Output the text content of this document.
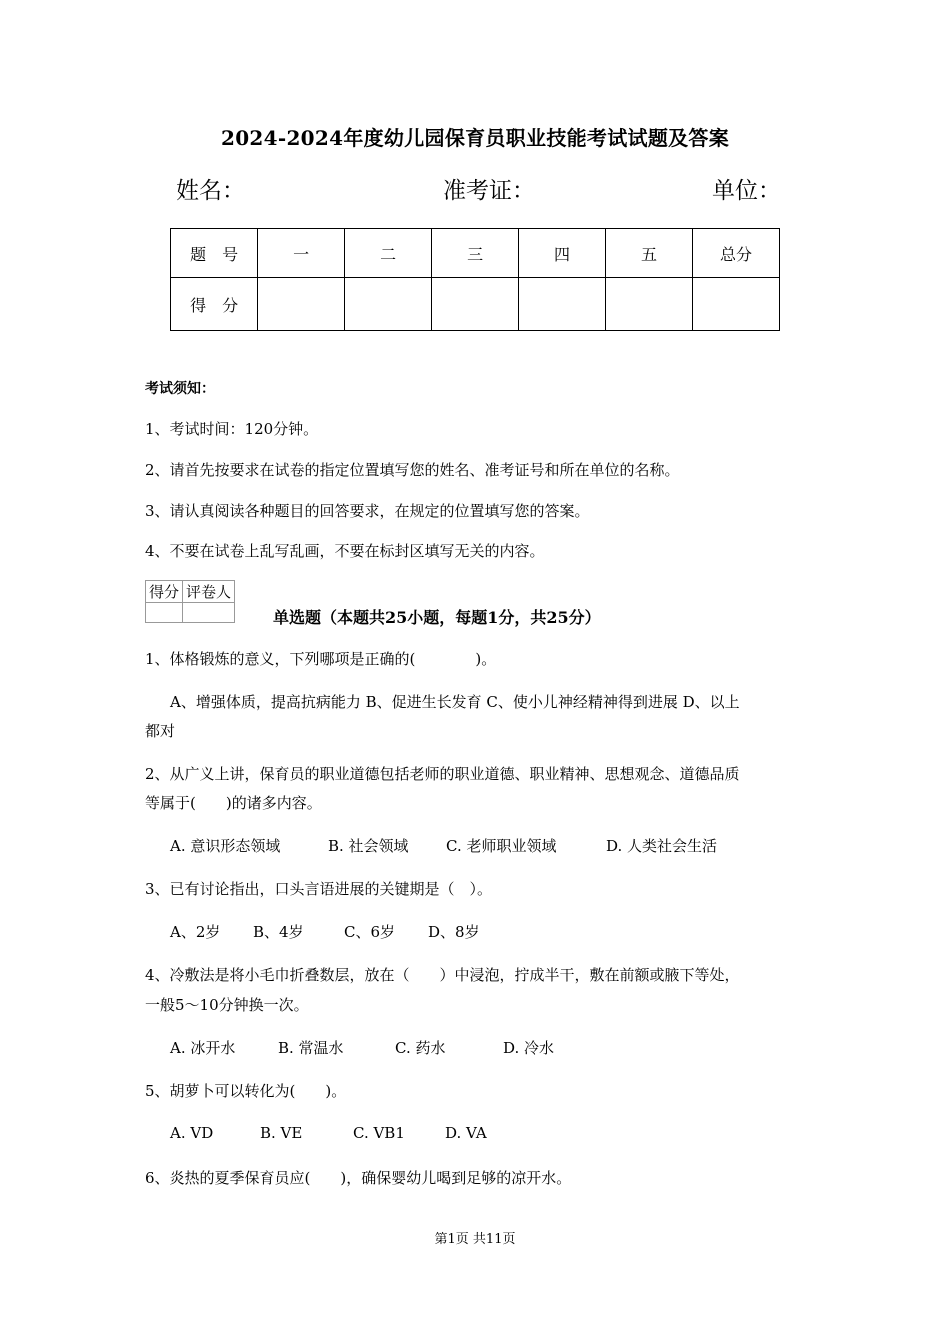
2024-2024年度幼儿园保育员职业技能考试试题及答案
姓名：	准考证：	单位：
题　号	一	二	三	四	五	总分
得　分						
考试须知：
1、考试时间：120分钟。
2、请首先按要求在试卷的指定位置填写您的姓名、准考证号和所在单位的名称。
3、请认真阅读各种题目的回答要求，在规定的位置填写您的答案。
4、不要在试卷上乱写乱画，不要在标封区填写无关的内容。
得分	评卷人

单选题（本题共25小题，每题1分，共25分）
1、体格锻炼的意义，下列哪项是正确的(　　　　)。
A、增强体质，提高抗病能力 B、促进生长发育 C、使小儿神经精神得到进展 D、以上
都对
2、从广义上讲，保育员的职业道德包括老师的职业道德、职业精神、思想观念、道德品质
等属于(　　)的诸多内容。
A. 意识形态领域	B. 社会领域 C. 老师职业领域	D. 人类社会生活
3、已有讨论指出，口头言语进展的关键期是（　）。
A、2岁 B、4岁	C、6岁 D、8岁
4、冷敷法是将小毛巾折叠数层，放在（　　）中浸泡，拧成半干，敷在前额或腋下等处，
一般5～10分钟换一次。
A. 冰开水	B. 常温水	C. 药水	D. 冷水
5、胡萝卜可以转化为(　　)。
A. VD	B. VE	C. VB1	D. VA
6、炎热的夏季保育员应(　　)，确保婴幼儿喝到足够的凉开水。
第1页 共11页
